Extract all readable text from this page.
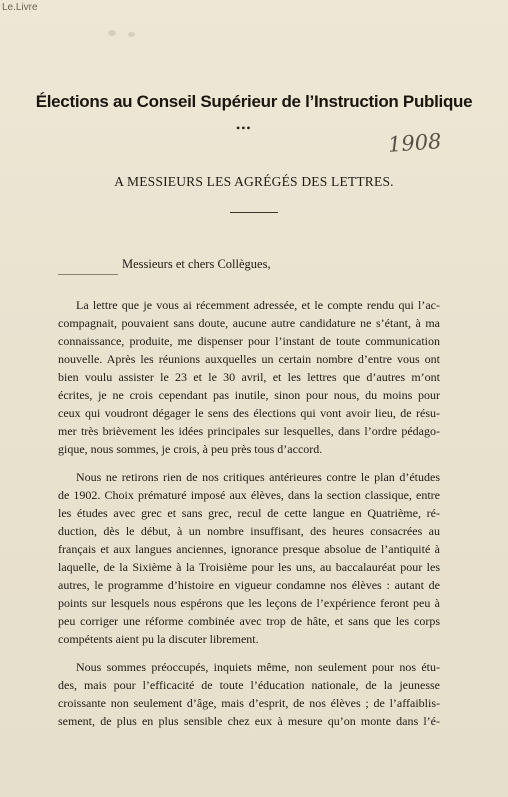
Le.Livre
Élections au Conseil Supérieur de l’Instruction Publique
•••
1908
A MESSIEURS LES AGRÉGÉS DES LETTRES.
Messieurs et chers Collègues,

La lettre que je vous ai récemment adressée, et le compte rendu qui l’ac-
compagnait, pouvaient sans doute, aucune autre candidature ne s’étant, à ma
connaissance, produite, me dispenser pour l’instant de toute communication
nouvelle. Après les réunions auxquelles un certain nombre d’entre vous ont
bien voulu assister le 23 et le 30 avril, et les lettres que d’autres m’ont
écrites, je ne crois cependant pas inutile, sinon pour nous, du moins pour
ceux qui voudront dégager le sens des élections qui vont avoir lieu, de résu-
mer très brièvement les idées principales sur lesquelles, dans l’ordre pédago-
gique, nous sommes, je crois, à peu près tous d’accord.

Nous ne retirons rien de nos critiques antérieures contre le plan d’études
de 1902. Choix prématuré imposé aux élèves, dans la section classique, entre
les études avec grec et sans grec, recul de cette langue en Quatrième, ré-
duction, dès le début, à un nombre insuffisant, des heures consacrées au
français et aux langues anciennes, ignorance presque absolue de l’antiquité à
laquelle, de la Sixième à la Troisième pour les uns, au baccalauréat pour les
autres, le programme d’histoire en vigueur condamne nos élèves : autant de
points sur lesquels nous espérons que les leçons de l’expérience feront peu à
peu corriger une réforme combinée avec trop de hâte, et sans que les corps
compétents aient pu la discuter librement.

Nous sommes préoccupés, inquiets même, non seulement pour nos étu-
des, mais pour l’efficacité de toute l’éducation nationale, de la jeunesse
croissante non seulement d’âge, mais d’esprit, de nos élèves ; de l’affaiblis-
sement, de plus en plus sensible chez eux à mesure qu’on monte dans l’é-
